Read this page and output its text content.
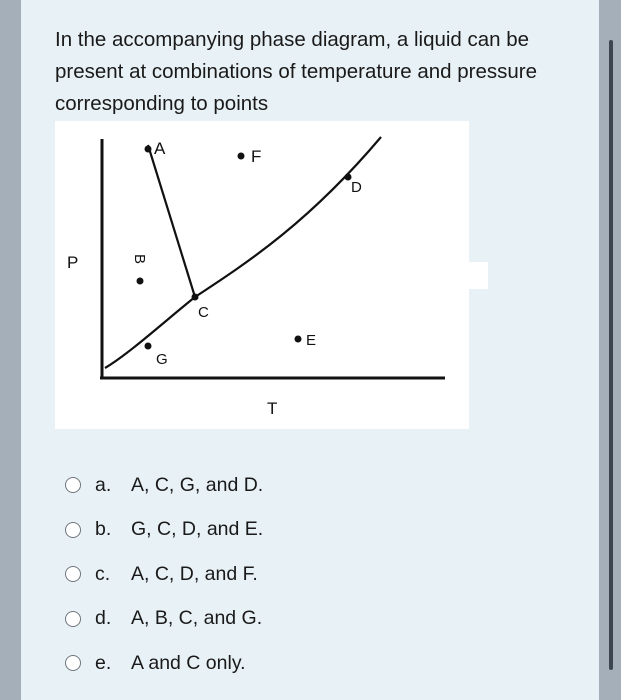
In the accompanying phase diagram, a liquid can be present at combinations of temperature and pressure corresponding to points

A	F
D
B
C
E
G
P
T
a.	A, C, G, and D.
b.	G, C, D, and E.
c.	A, C, D, and F.
d.	A, B, C, and G.
e.	A and C only.
